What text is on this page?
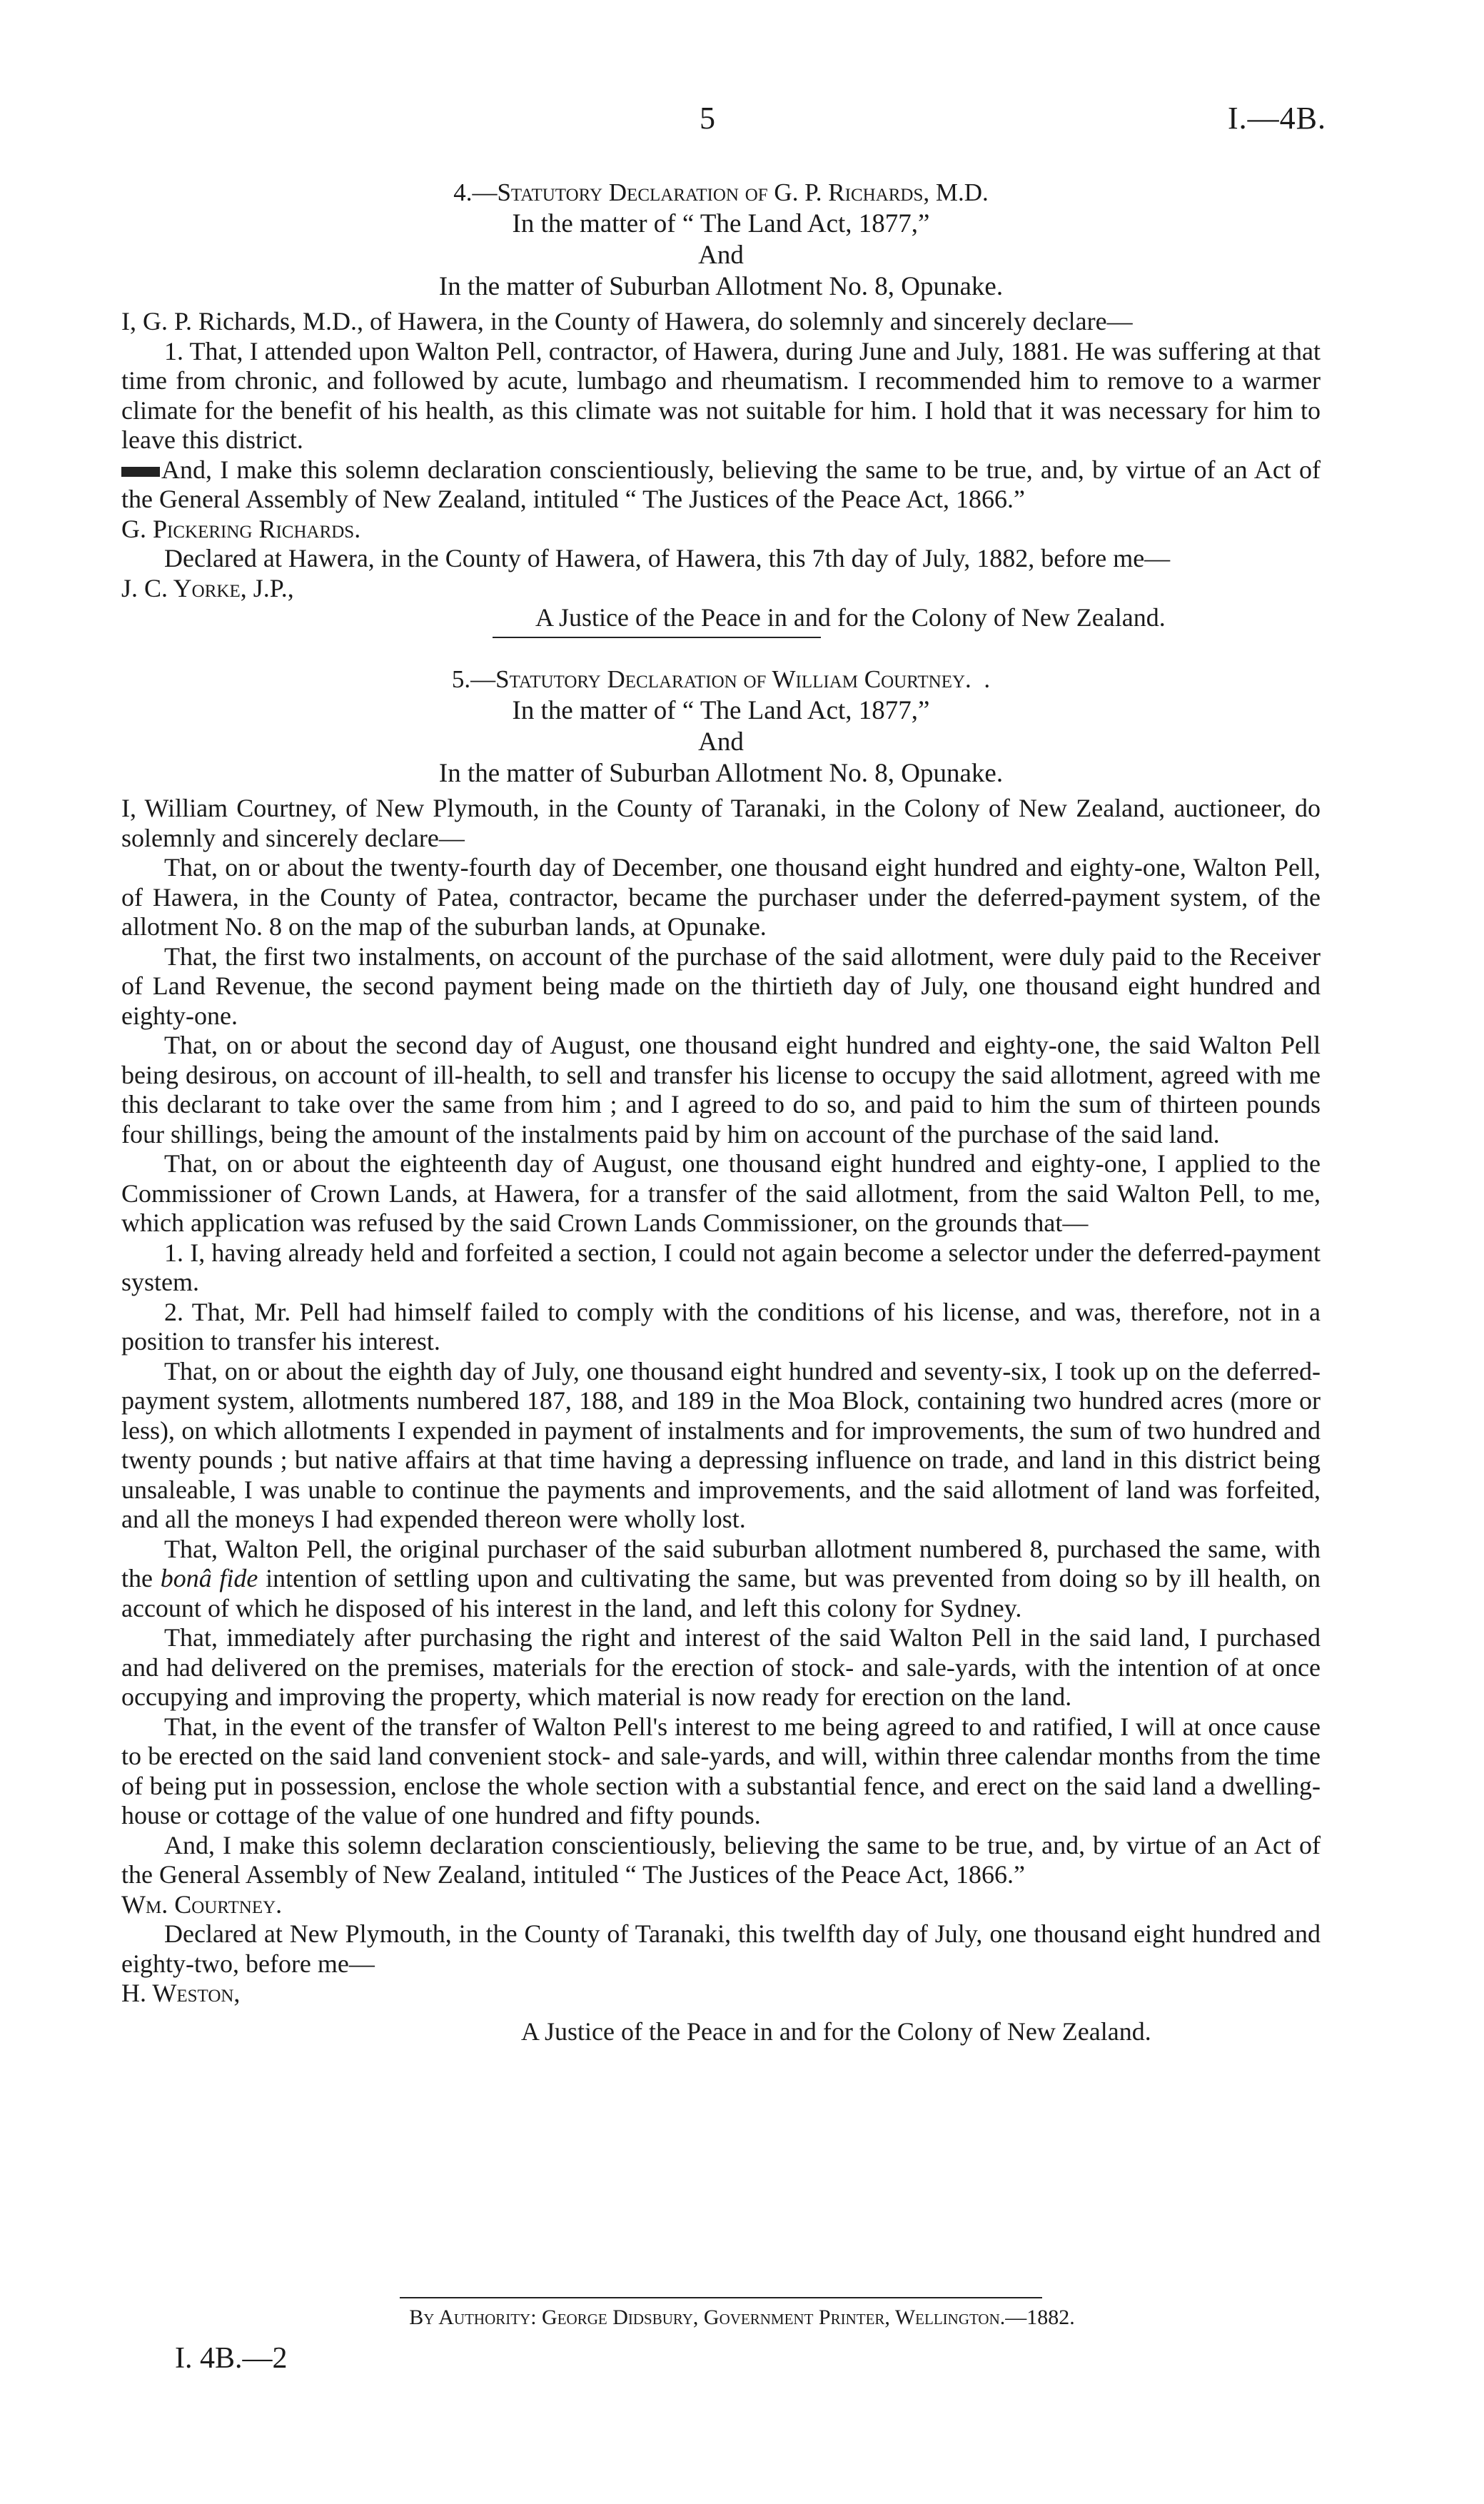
5	I.—4B.

4.—Statutory Declaration of G. P. Richards, M.D.

In the matter of “ The Land Act, 1877,”

And

In the matter of Suburban Allotment No. 8, Opunake.

I, G. P. Richards, M.D., of Hawera, in the County of Hawera, do solemnly and sincerely declare—

1. That, I attended upon Walton Pell, contractor, of Hawera, during June and July, 1881. He was suffering at that time from chronic, and followed by acute, lumbago and rheumatism. I recommended him to remove to a warmer climate for the benefit of his health, as this climate was not suitable for him. I hold that it was necessary for him to leave this district.

And, I make this solemn declaration conscientiously, believing the same to be true, and, by virtue of an Act of the General Assembly of New Zealand, intituled “ The Justices of the Peace Act, 1866.”

G. Pickering Richards.

Declared at Hawera, in the County of Hawera, of Hawera, this 7th day of July, 1882, before me—

J. C. Yorke, J.P.,

A Justice of the Peace in and for the Colony of New Zealand.

5.—Statutory Declaration of William Courtney. .

In the matter of “ The Land Act, 1877,”

And

In the matter of Suburban Allotment No. 8, Opunake.

I, William Courtney, of New Plymouth, in the County of Taranaki, in the Colony of New Zealand, auctioneer, do solemnly and sincerely declare—

That, on or about the twenty-fourth day of December, one thousand eight hundred and eighty-one, Walton Pell, of Hawera, in the County of Patea, contractor, became the purchaser under the deferred-payment system, of the allotment No. 8 on the map of the suburban lands, at Opunake.

That, the first two instalments, on account of the purchase of the said allotment, were duly paid to the Receiver of Land Revenue, the second payment being made on the thirtieth day of July, one thousand eight hundred and eighty-one.

That, on or about the second day of August, one thousand eight hundred and eighty-one, the said Walton Pell being desirous, on account of ill-health, to sell and transfer his license to occupy the said allotment, agreed with me this declarant to take over the same from him ; and I agreed to do so, and paid to him the sum of thirteen pounds four shillings, being the amount of the instalments paid by him on account of the purchase of the said land.

That, on or about the eighteenth day of August, one thousand eight hundred and eighty-one, I applied to the Commissioner of Crown Lands, at Hawera, for a transfer of the said allotment, from the said Walton Pell, to me, which application was refused by the said Crown Lands Commissioner, on the grounds that—

1. I, having already held and forfeited a section, I could not again become a selector under the deferred-payment system.

2. That, Mr. Pell had himself failed to comply with the conditions of his license, and was, therefore, not in a position to transfer his interest.

That, on or about the eighth day of July, one thousand eight hundred and seventy-six, I took up on the deferred-payment system, allotments numbered 187, 188, and 189 in the Moa Block, containing two hundred acres (more or less), on which allotments I expended in payment of instalments and for improvements, the sum of two hundred and twenty pounds ; but native affairs at that time having a depressing influence on trade, and land in this district being unsaleable, I was unable to continue the payments and improvements, and the said allotment of land was forfeited, and all the moneys I had expended thereon were wholly lost.

That, Walton Pell, the original purchaser of the said suburban allotment numbered 8, purchased the same, with the bonâ fide intention of settling upon and cultivating the same, but was prevented from doing so by ill health, on account of which he disposed of his interest in the land, and left this colony for Sydney.

That, immediately after purchasing the right and interest of the said Walton Pell in the said land, I purchased and had delivered on the premises, materials for the erection of stock- and sale-yards, with the intention of at once occupying and improving the property, which material is now ready for erection on the land.

That, in the event of the transfer of Walton Pell's interest to me being agreed to and ratified, I will at once cause to be erected on the said land convenient stock- and sale-yards, and will, within three calendar months from the time of being put in possession, enclose the whole section with a substantial fence, and erect on the said land a dwelling-house or cottage of the value of one hundred and fifty pounds.

And, I make this solemn declaration conscientiously, believing the same to be true, and, by virtue of an Act of the General Assembly of New Zealand, intituled “ The Justices of the Peace Act, 1866.”

Wm. Courtney.

Declared at New Plymouth, in the County of Taranaki, this twelfth day of July, one thousand eight hundred and eighty-two, before me—

H. Weston,

A Justice of the Peace in and for the Colony of New Zealand.

By Authority: George Didsbury, Government Printer, Wellington.—1882.
I. 4B.—2
